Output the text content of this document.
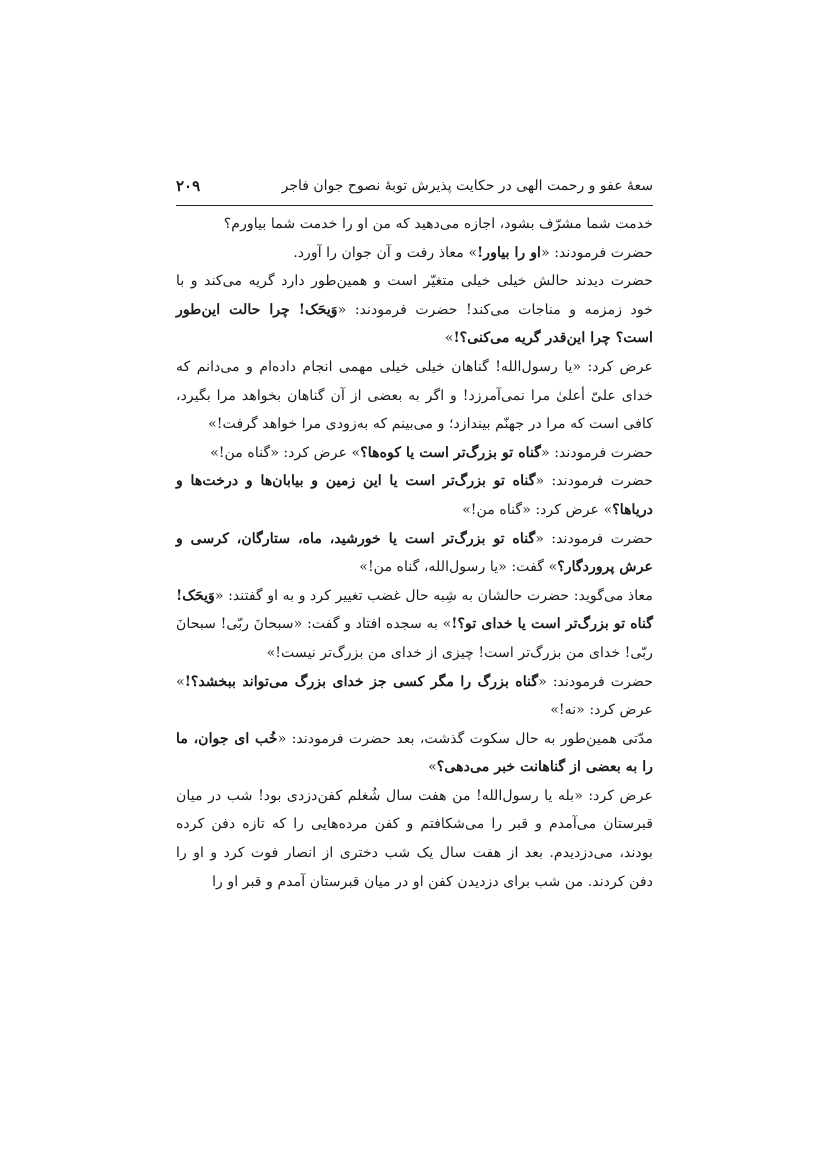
سعهٔ عفو و رحمت الهی در حکایت پذیرش توبهٔ نصوح جوان فاجر
۲۰۹

خدمت شما مشرّف بشود، اجازه می‌دهید که من او را خدمت شما بیاورم؟

حضرت فرمودند: «او را بیاور!» معاذ رفت و آن جوان را آورد.

حضرت دیدند حالش خیلی خیلی متغیّر است و همین‌طور دارد گریه می‌کند و با خود زمزمه و مناجات می‌کند! حضرت فرمودند: «وَیحَک! چرا حالت این‌طور است؟ چرا این‌قدر گریه می‌کنی؟!»

عرض کرد: «یا رسول‌الله! گناهان خیلی خیلی مهمی انجام داده‌ام و می‌دانم که خدای علیّ أعلیٰ مرا نمی‌آمرزد! و اگر به بعضی از آن گناهان بخواهد مرا بگیرد، کافی است که مرا در جهنّم بیندازد؛ و می‌بینم که به‌زودی مرا خواهد گرفت!»

حضرت فرمودند: «گناه تو بزرگ‌تر است یا کوه‌ها؟» عرض کرد: «گناه من!»

حضرت فرمودند: «گناه تو بزرگ‌تر است یا این زمین و بیابان‌ها و درخت‌ها و دریاها؟» عرض کرد: «گناه من!»

حضرت فرمودند: «گناه تو بزرگ‌تر است یا خورشید، ماه، ستارگان، کرسی و عرش پروردگار؟» گفت: «یا رسول‌الله، گناه من!»

معاذ می‌گوید: حضرت حالشان به شِبه حال غضب تغییر کرد و به او گفتند: «وَیحَک! گناه تو بزرگ‌تر است یا خدای تو؟!» به سجده افتاد و گفت: «سبحانَ ربّی! سبحانَ ربّی! خدای من بزرگ‌تر است! چیزی از خدای من بزرگ‌تر نیست!»

حضرت فرمودند: «گناه بزرگ را مگر کسی جز خدای بزرگ می‌تواند ببخشد؟!» عرض کرد: «نه!»

مدّتی همین‌طور به حال سکوت گذشت، بعد حضرت فرمودند: «خُب ای جوان، ما را به بعضی از گناهانت خبر می‌دهی؟»

عرض کرد: «بله یا رسول‌الله! من هفت سال شُغلم کفن‌دزدی بود! شب در میان قبرستان می‌آمدم و قبر را می‌شکافتم و کفن مرده‌هایی را که تازه دفن کرده بودند، می‌دزدیدم. بعد از هفت سال یک شب دختری از انصار فوت کرد و او را دفن کردند. من شب برای دزدیدن کفن او در میان قبرستان آمدم و قبر او را
